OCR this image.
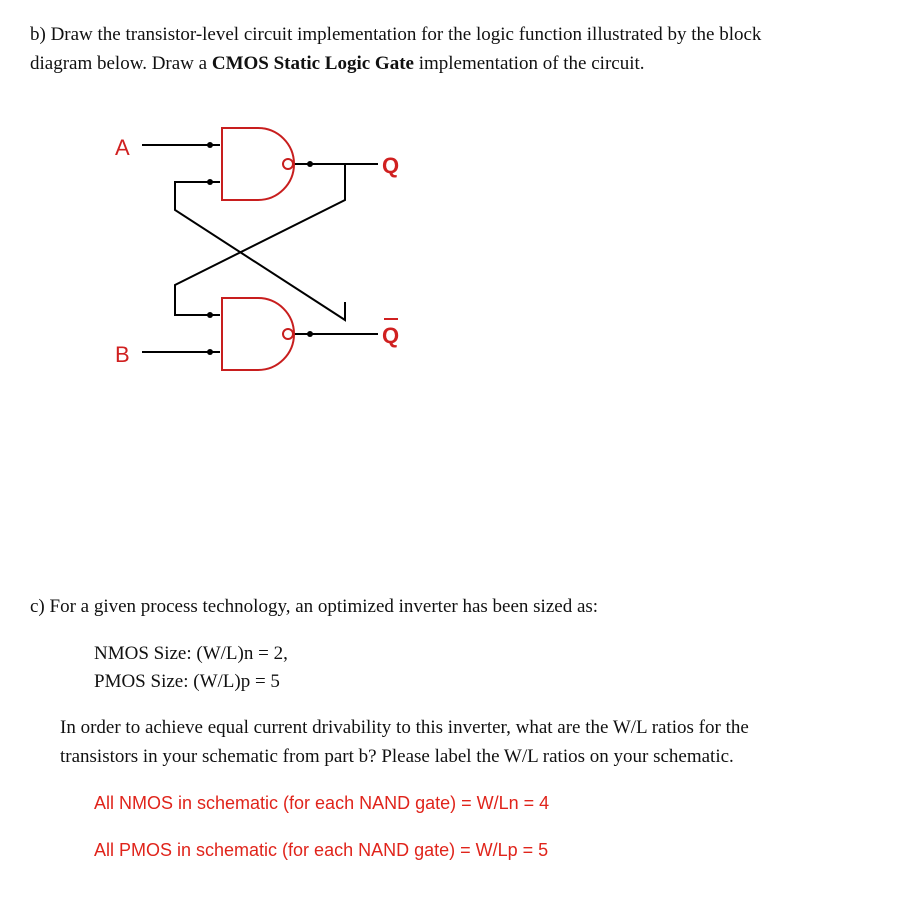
b) Draw the transistor-level circuit implementation for the logic function illustrated by the block
diagram below. Draw a CMOS Static Logic Gate implementation of the circuit.
A
B
Q
Q
c) For a given process technology, an optimized inverter has been sized as:
NMOS Size: (W/L)n = 2,
PMOS Size: (W/L)p = 5
In order to achieve equal current drivability to this inverter, what are the W/L ratios for the
transistors in your schematic from part b? Please label the W/L ratios on your schematic.
All NMOS in schematic (for each NAND gate) = W/Ln = 4
All PMOS in schematic (for each NAND gate) = W/Lp = 5
